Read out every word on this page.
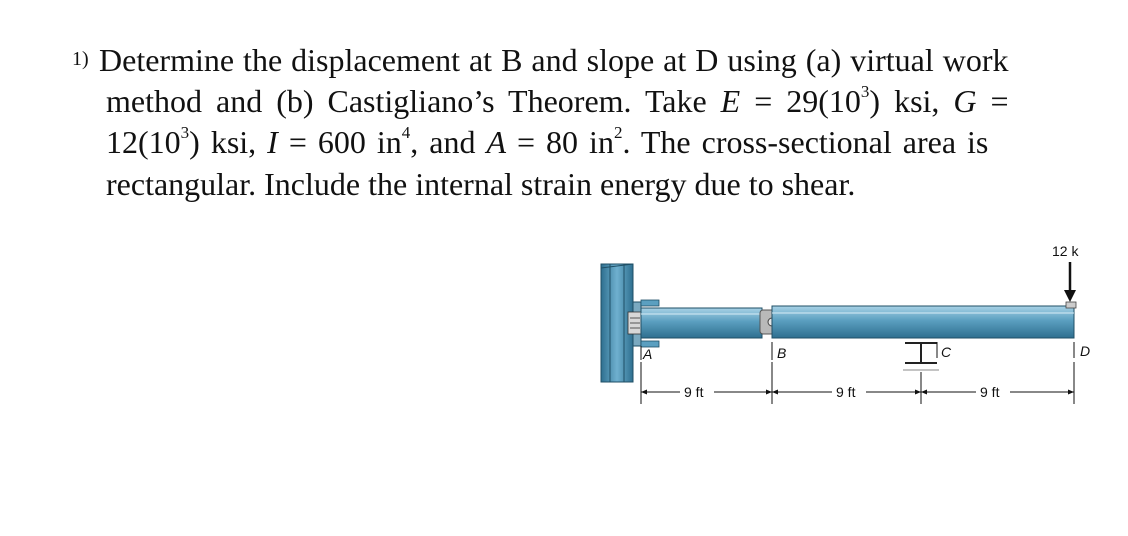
1) Determine the displacement at B and slope at D using (a) virtual work
method and (b) Castigliano’s Theorem. Take $E = 29(10^3)$ ksi, G =
$12(10^3)$ ksi, I = 600 $in^4$, and A = 80 $in^2$. The cross-sectional area is
rectangular. Include the internal strain energy due to shear.
12 k
A	B	C	D
9 ft	9 ft	9 ft
